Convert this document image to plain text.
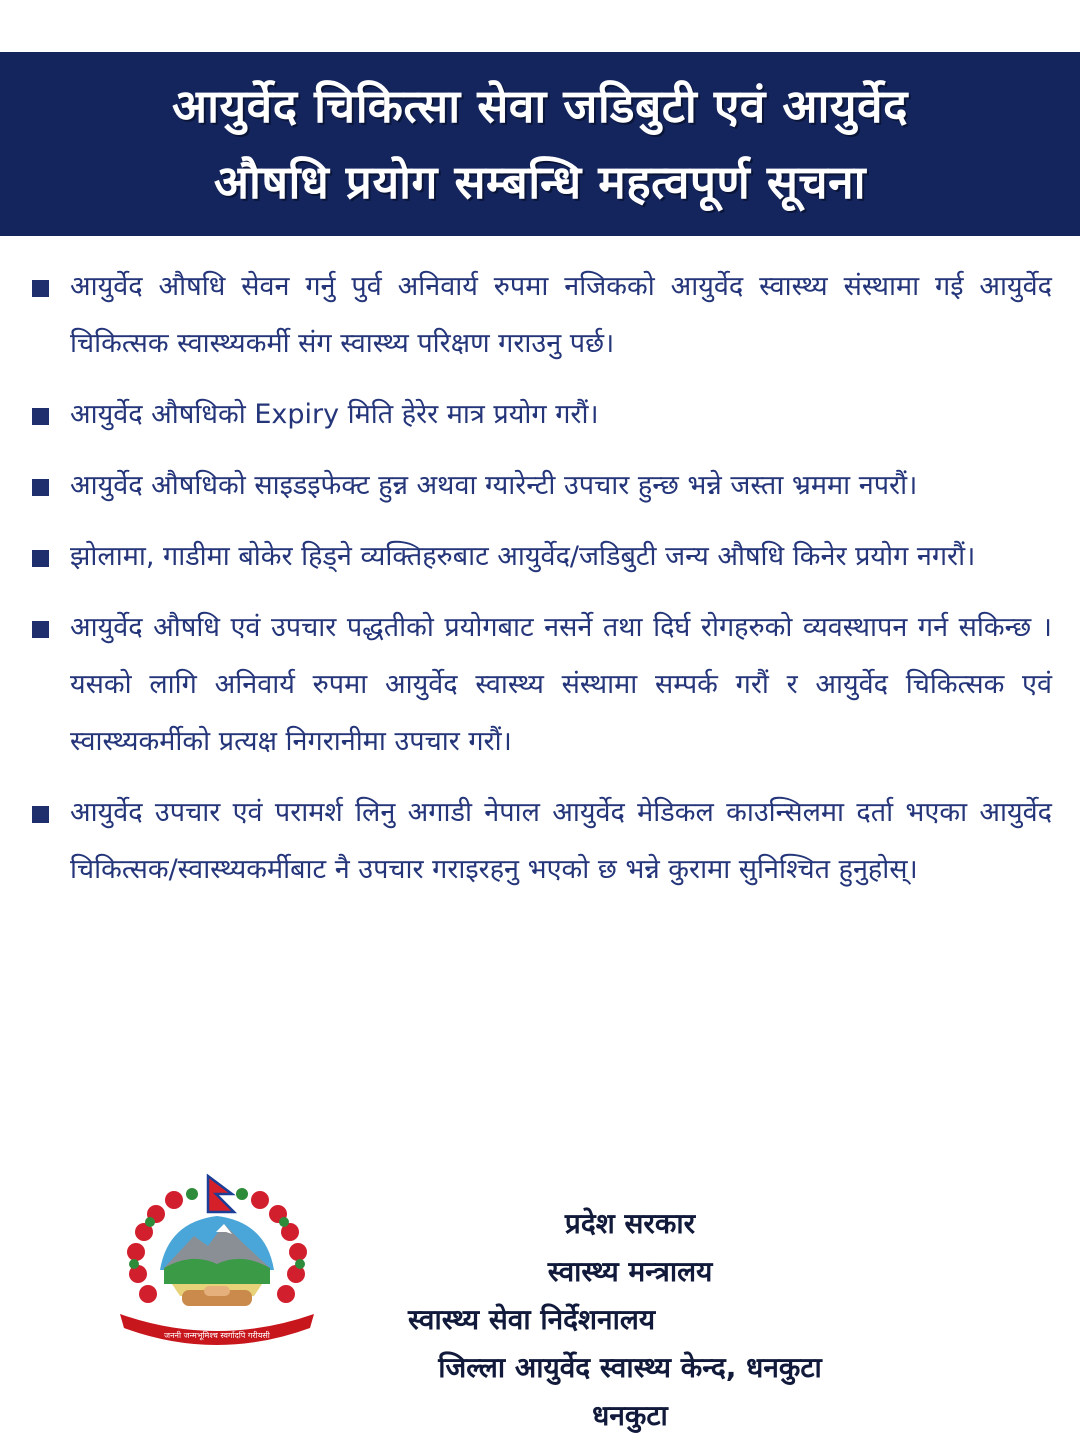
आयुर्वेद चिकित्सा सेवा जडिबुटी एवं आयुर्वेद
औषधि प्रयोग सम्बन्धि महत्वपूर्ण सूचना
आयुर्वेद औषधि सेवन गर्नु पुर्व अनिवार्य रुपमा नजिकको आयुर्वेद स्वास्थ्य संस्थामा गई आयुर्वेद चिकित्सक स्वास्थ्यकर्मी संग स्वास्थ्य परिक्षण गराउनु पर्छ।
आयुर्वेद औषधिको Expiry मिति हेरेर मात्र प्रयोग गरौं।
आयुर्वेद औषधिको साइडइफेक्ट हुन्न अथवा ग्यारेन्टी उपचार हुन्छ भन्ने जस्ता भ्रममा नपरौं।
झोलामा, गाडीमा बोकेर हिड्ने व्यक्तिहरुबाट आयुर्वेद/जडिबुटी जन्य औषधि किनेर प्रयोग नगरौं।
आयुर्वेद औषधि एवं उपचार पद्धतीको प्रयोगबाट नसर्ने तथा दिर्घ रोगहरुको व्यवस्थापन गर्न सकिन्छ । यसको लागि अनिवार्य रुपमा आयुर्वेद स्वास्थ्य संस्थामा सम्पर्क गरौं र आयुर्वेद चिकित्सक एवं स्वास्थ्यकर्मीको प्रत्यक्ष निगरानीमा उपचार गरौं।
आयुर्वेद उपचार एवं परामर्श लिनु अगाडी नेपाल आयुर्वेद मेडिकल काउन्सिलमा दर्ता भएका आयुर्वेद चिकित्सक/स्वास्थ्यकर्मीबाट नै उपचार गराइरहनु भएको छ भन्ने कुरामा सुनिश्चित हुनुहोस्।
जननी जन्मभूमिश्च स्वर्गादपि गरीयसी
प्रदेश सरकार
स्वास्थ्य मन्त्रालय
स्वास्थ्य सेवा निर्देशनालय
जिल्ला आयुर्वेद स्वास्थ्य केन्द, धनकुटा
धनकुटा
